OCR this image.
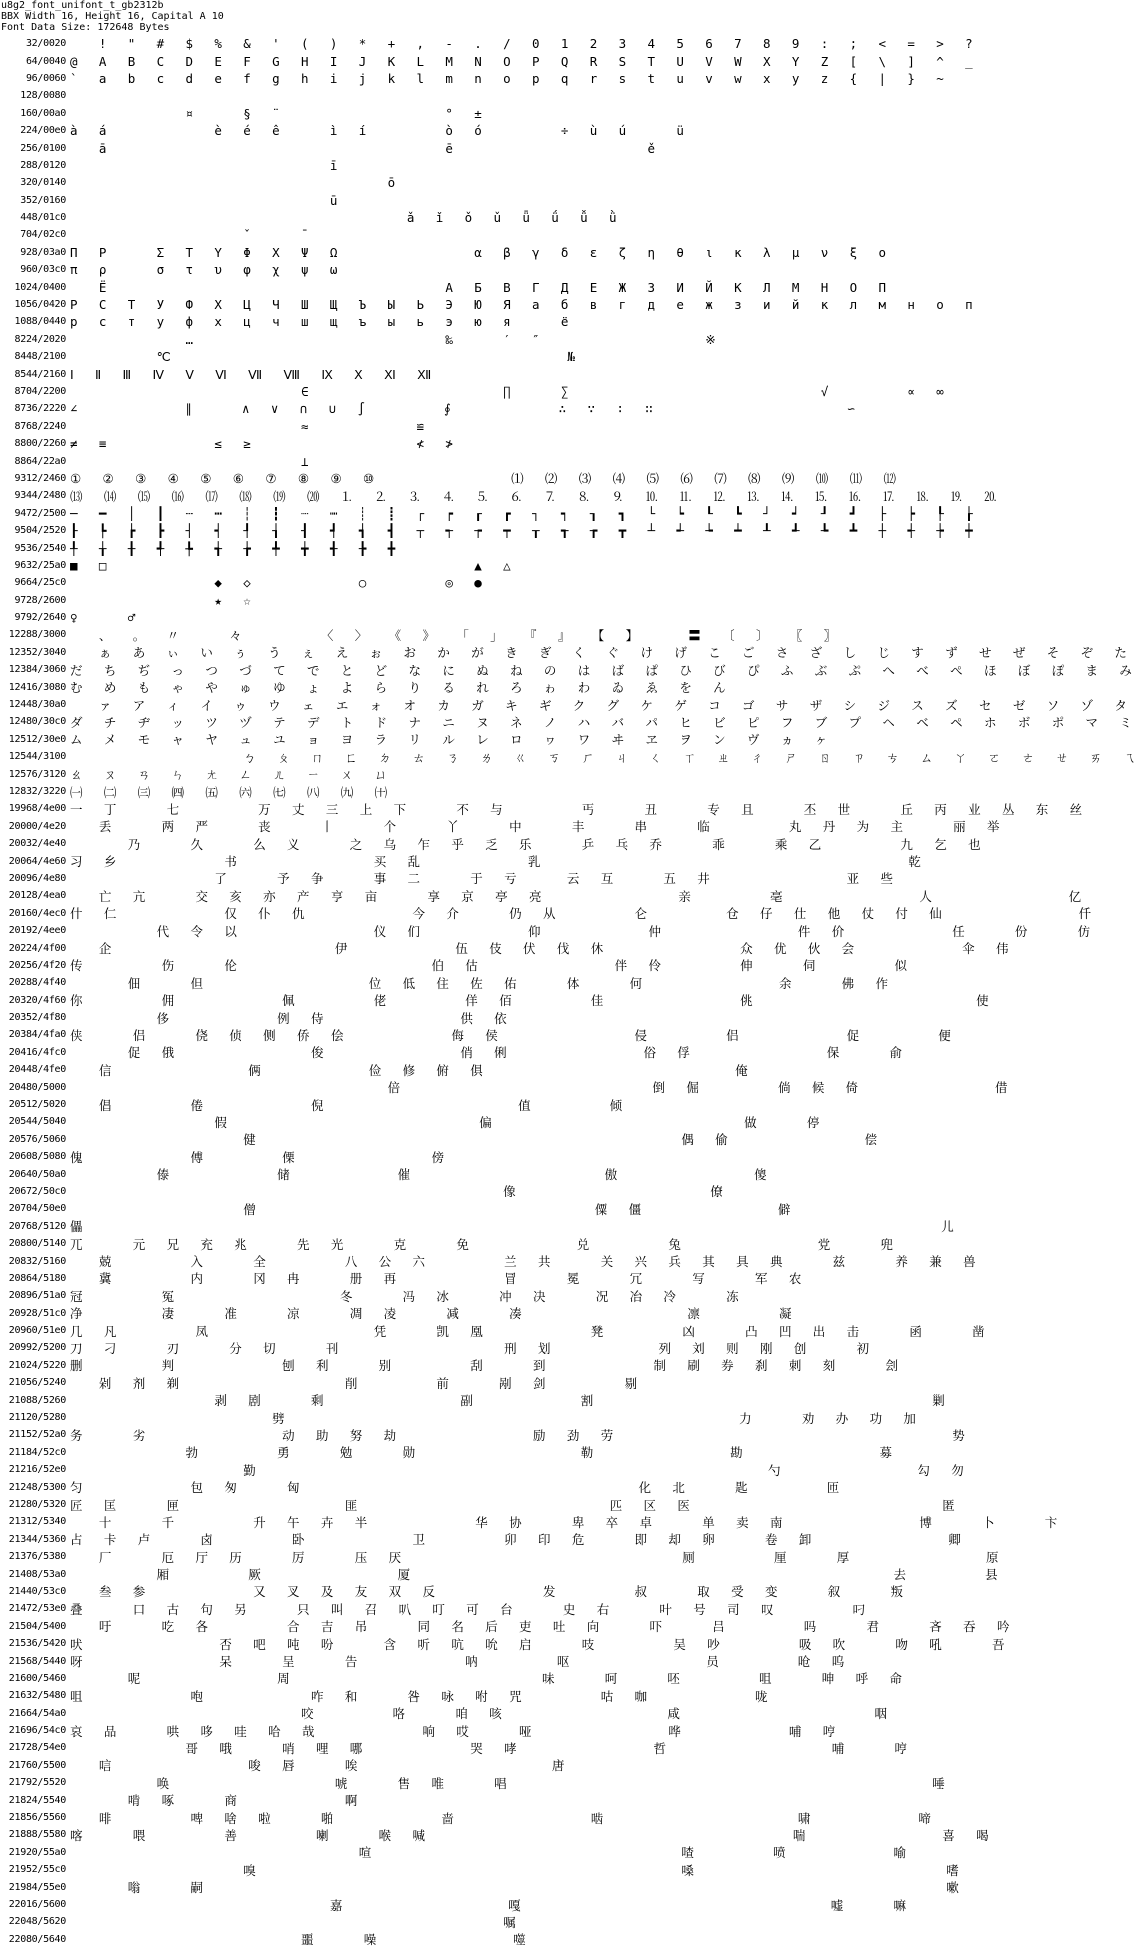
u8g2_font_unifont_t_gb2312b
BBX Width 16, Height 16, Capital A 10
Font Data Size: 172648 Bytes
32/0020 !  "  #  $  %  &  '  (  )  *  +  ,  -  .  /  0  1  2  3  4  5  6  7  8  9  :  ;  <  =  >  ?
64/0040 @  A  B  C  D  E  F  G  H  I  J  K  L  M  N  O  P  Q  R  S  T  U  V  W  X  Y  Z  [  \  ]  ^  _
96/0060 `  a  b  c  d  e  f  g  h  i  j  k  l  m  n  o  p  q  r  s  t  u  v  w  x  y  z  {  |  }  ~
128/0080
160/00a0 ¤     §  ¨                 °  ±
224/00e0 à  á           è  é  ê     ì  í        ò  ó        ÷  ù  ú     ü
256/0100 ā                                   ē                    ě
288/0120 ī
320/0140 ō
352/0160 ū
448/01c0 ǎ  ǐ  ǒ  ǔ  ǖ  ǘ  ǚ  ǜ
704/02c0 ˇ     ˉ
928/03a0 Π  Ρ     Σ  Τ  Υ  Φ  Χ  Ψ  Ω              α  β  γ  δ  ε  ζ  η  θ  ι  κ  λ  μ  ν  ξ  ο
960/03c0 π  ρ     σ  τ  υ  φ  χ  ψ  ω
1024/0400 Ё                                   А  Б  В  Г  Д  Е  Ж  З  И  Й  К  Л  М  Н  О  П
1056/0420 Р  С  Т  У  Ф  Х  Ц  Ч  Ш  Щ  Ъ  Ы  Ь  Э  Ю  Я  а  б  в  г  д  е  ж  з  и  й  к  л  м  н  о  п
1088/0440 р  с  т  у  ф  х  ц  ч  ш  щ  ъ  ы  ь  э  ю  я     ё
8224/2020 …                          ‰     ′  ″                 ※
8448/2100 ℃                                         №
8544/2160 Ⅰ  Ⅱ  Ⅲ  Ⅳ  Ⅴ  Ⅵ  Ⅶ  Ⅷ  Ⅸ  Ⅹ  Ⅺ  Ⅻ
8704/2200 ∈                    ∏     ∑                          √        ∝  ∞
8736/2220 ∠           ∥     ∧  ∨  ∩  ∪  ∫        ∮           ∴  ∵  ∶  ∷                    ∽
8768/2240 ≈           ≌
8800/2260 ≠  ≡           ≤  ≥                 ≮  ≯
8864/22a0 ⊥
9312/2460 ①  ②  ③  ④  ⑤  ⑥  ⑦  ⑧  ⑨  ⑩              ⑴  ⑵  ⑶  ⑷  ⑸  ⑹  ⑺  ⑻  ⑼  ⑽  ⑾  ⑿
9344/2480 ⒀  ⒁  ⒂  ⒃  ⒄  ⒅  ⒆  ⒇  ⒈  ⒉  ⒊  ⒋  ⒌  ⒍  ⒎  ⒏  ⒐  ⒑  ⒒  ⒓  ⒔  ⒕  ⒖  ⒗  ⒘  ⒙  ⒚  ⒛
9472/2500 ─  ━  │  ┃  ┄  ┅  ┆  ┇  ┈  ┉  ┊  ┋  ┌  ┍  ┎  ┏  ┐  ┑  ┒  ┓  └  ┕  ┖  ┗  ┘  ┙  ┚  ┛  ├  ┝  ┞  ┟
9504/2520 ┠  ┡  ┢  ┣  ┤  ┥  ┦  ┧  ┨  ┩  ┪  ┫  ┬  ┭  ┮  ┯  ┰  ┱  ┲  ┳  ┴  ┵  ┶  ┷  ┸  ┹  ┺  ┻  ┼  ┽  ┾  ┿
9536/2540 ╀  ╁  ╂  ╃  ╄  ╅  ╆  ╇  ╈  ╉  ╊  ╋
9632/25a0 ■  □                                      ▲  △
9664/25c0 ◆  ◇           ○        ◎  ●
9728/2600 ★  ☆
9792/2640 ♀     ♂
12288/3000 、  。  〃     々        〈  〉  《  》  「  」  『  』  【  】     〓  〔  〕  〖  〗
12352/3040 ぁ  あ  ぃ  い  ぅ  う  ぇ  え  ぉ  お  か  が  き  ぎ  く  ぐ  け  げ  こ  ご  さ  ざ  し  じ  す  ず  せ  ぜ  そ  ぞ  た
12384/3060 だ  ち  ぢ  っ  つ  づ  て  で  と  ど  な  に  ぬ  ね  の  は  ば  ぱ  ひ  び  ぴ  ふ  ぶ  ぷ  へ  べ  ぺ  ほ  ぼ  ぽ  ま  み
12416/3080 む  め  も  ゃ  や  ゅ  ゆ  ょ  よ  ら  り  る  れ  ろ  ゎ  わ  ゐ  ゑ  を  ん
12448/30a0 ァ  ア  ィ  イ  ゥ  ウ  ェ  エ  ォ  オ  カ  ガ  キ  ギ  ク  グ  ケ  ゲ  コ  ゴ  サ  ザ  シ  ジ  ス  ズ  セ  ゼ  ソ  ゾ  タ
12480/30c0 ダ  チ  ヂ  ッ  ツ  ヅ  テ  デ  ト  ド  ナ  ニ  ヌ  ネ  ノ  ハ  バ  パ  ヒ  ビ  ピ  フ  ブ  プ  ヘ  ベ  ペ  ホ  ボ  ポ  マ  ミ
12512/30e0 ム  メ  モ  ャ  ヤ  ュ  ユ  ョ  ヨ  ラ  リ  ル  レ  ロ  ヮ  ワ  ヰ  ヱ  ヲ  ン  ヴ  ヵ  ヶ
12544/3100 ㄅ  ㄆ  ㄇ  ㄈ  ㄉ  ㄊ  ㄋ  ㄌ  ㄍ  ㄎ  ㄏ  ㄐ  ㄑ  ㄒ  ㄓ  ㄔ  ㄕ  ㄖ  ㄗ  ㄘ  ㄙ  ㄚ  ㄛ  ㄜ  ㄝ  ㄞ  ㄟ
12576/3120 ㄠ  ㄡ  ㄢ  ㄣ  ㄤ  ㄥ  ㄦ  ㄧ  ㄨ  ㄩ
12832/3220 ㈠  ㈡  ㈢  ㈣  ㈤  ㈥  ㈦  ㈧  ㈨  ㈩
19968/4e00 一  丁     七        万  丈  三  上  下     不  与        丐     丑     专  且     丕  世     丘  丙  业  丛  东  丝
20000/4e20 丢     两  严     丧     丨     个     丫     中     丰     串     临        丸  丹  为  主     丽  举
20032/4e40 乃     久     么  义     之  乌  乍  乎  乏  乐     乒  乓  乔     乖     乘  乙        九  乞  也
20064/4e60 习  乡           书              买  乱           乳                                      乾
20096/4e80 了     予  争     事  二     于  亏     云  互     五  井              亚  些
20128/4ea0 亡  亢     交  亥  亦  产  亨  亩     享  京  亭  亮              亲        亳              人              亿
20160/4ec0 什  仁           仅  仆  仇           今  介     仍  从        仑        仓  仔  仕  他  仗  付  仙              仟
20192/4ee0 代  令  以              仪  们           仰           仲              件  价           任     份     仿
20224/4f00 企                       伊           伍  伎  伏  伐  休              众  优  伙  会           伞  伟
20256/4f20 传        伤     伦                    伯  估              伴  伶        伸     伺        似
20288/4f40 佃     但                 位  低  住  佐  佑     体     何              余     佛  作
20320/4f60 你        佣           佩        佬        佯  佰        佳              佻                       使
20352/4f80 侈           例  侍              供  依
20384/4fa0 侠     侣     侥  侦  侧  侨  侩           侮  侯              侵        侣           促        便
20416/4fc0 促  俄              俊              俏  俐              俗  俘              保     俞
20448/4fe0 信              俩           俭  修  俯  俱                          俺
20480/5000 倍                          倒  倔        倘  候  倚              借
20512/5020 倡        倦           倪                    值        倾
20544/5040 假                          偏                          做     停
20576/5060 健                                            偶  偷              偿
20608/5080 傀           傅        傈              傍
20640/50a0 傣           储           催                    傲              傻
20672/50c0 像                    僚
20704/50e0 僧                                   僳  僵              僻
20768/5120 儡                                                                                         儿
20800/5140 兀     元  兄  充  兆     先  光     克     免           兑        兔              党     兜
20832/5160 兢        入     全        八  公  六        兰  共     关  兴  兵  其  具  典     兹     养  兼  兽
20864/5180 冀        内     冈  冉     册  再           冒     冕     冗     写     军  农
20896/51a0 冠        冤                 冬     冯  冰     冲  决     况  冶  冷     冻
20928/51c0 净        凄     准     凉     凋  凌     减     凑                 凛        凝
20960/51e0 几  凡        凤                 凭     凯  凰           凳        凶     凸  凹  出  击     函     凿
20992/5200 刀  刁     刃     分  切     刊                 刑  划           列  刘  则  刚  创     初
21024/5220 删        判           刨  利     别        刮     到           制  刷  券  刹  刺  刻     刽
21056/5240 剁  剂  剃                 削        前     剐  剑        剔
21088/5260 剥  剧     剩              副           割                                   剿
21120/5280 劈                                               力     劝  办  功  加
21152/52a0 务     劣              动  助  努  劫              励  劲  劳                                   势
21184/52c0 勃        勇     勉     勋                 勒              勘              募
21216/52e0 勤                                                     勺              勾  勿
21248/5300 匀           包  匆     匈                                   化  北     匙        匝
21280/5320 匠  匡     匣                 匪                          匹  区  医                          匿
21312/5340 十     千        升  午  卉  半           华  协     卑  卒  卓     单  卖  南              博     卜     卞
21344/5360 占  卡  卢     卤        卧           卫        卯  印  危     即  却  卵     卷  卸              卿
21376/5380 厂     厄  厅  历     厉     压  厌                             厕        厘     厚              原
21408/53a0 厢        厥              厦                                                  去        县
21440/53c0 叁  参           又  叉  及  友  双  反           发        叔     取  受  变     叙     叛
21472/53e0 叠     口  古  句  另     只  叫  召  叭  叮  可  台     史  右     叶  号  司  叹        叼
21504/5400 吁     吃  各        合  吉  吊     同  名  后  吏  吐  向     吓     吕        吗     君     吝  吞  吟
21536/5420 吠              否  吧  吨  吩     含  听  吭  吮  启     吱        吴  吵        吸  吹     吻  吼     吾
21568/5440 呀              呆     呈     告           呐        呕              员        呛  呜
21600/5460 呢              周                          味     呵     呸        咀     呻  呼  命
21632/5480 咀           咆           咋  和     咎  咏  咐  咒        咕  咖           咙
21664/54a0 咬        咯     咱  咳                 咸                    咽
21696/54c0 哀  品     哄  哆  哇  哈  哉           响  哎     哑              哗           哺  哼
21728/54e0 哥  哦     哨  哩  哪           哭  哮              哲                 哺     哼
21760/5500 唁              唆  唇     唉                    唐
21792/5520 唤                 唬     售  唯     唱                                            唾
21824/5540 啃  啄     商           啊
21856/5560 啡        啤  啥  啦     啪           啬              啮                    啸           啼
21888/5580 喀     喂        善        喇     喉  喊                                      喘              喜  喝
21920/55a0 喧                                喳        喷           喻
21952/55c0 嗅                                            嗓                          嗜
21984/55e0 嗡     嗣                                                                             嗽
22016/5600 嘉                 嘎                                嘘     嘛
22048/5620 嘱
22080/5640 噩     噪              噬
